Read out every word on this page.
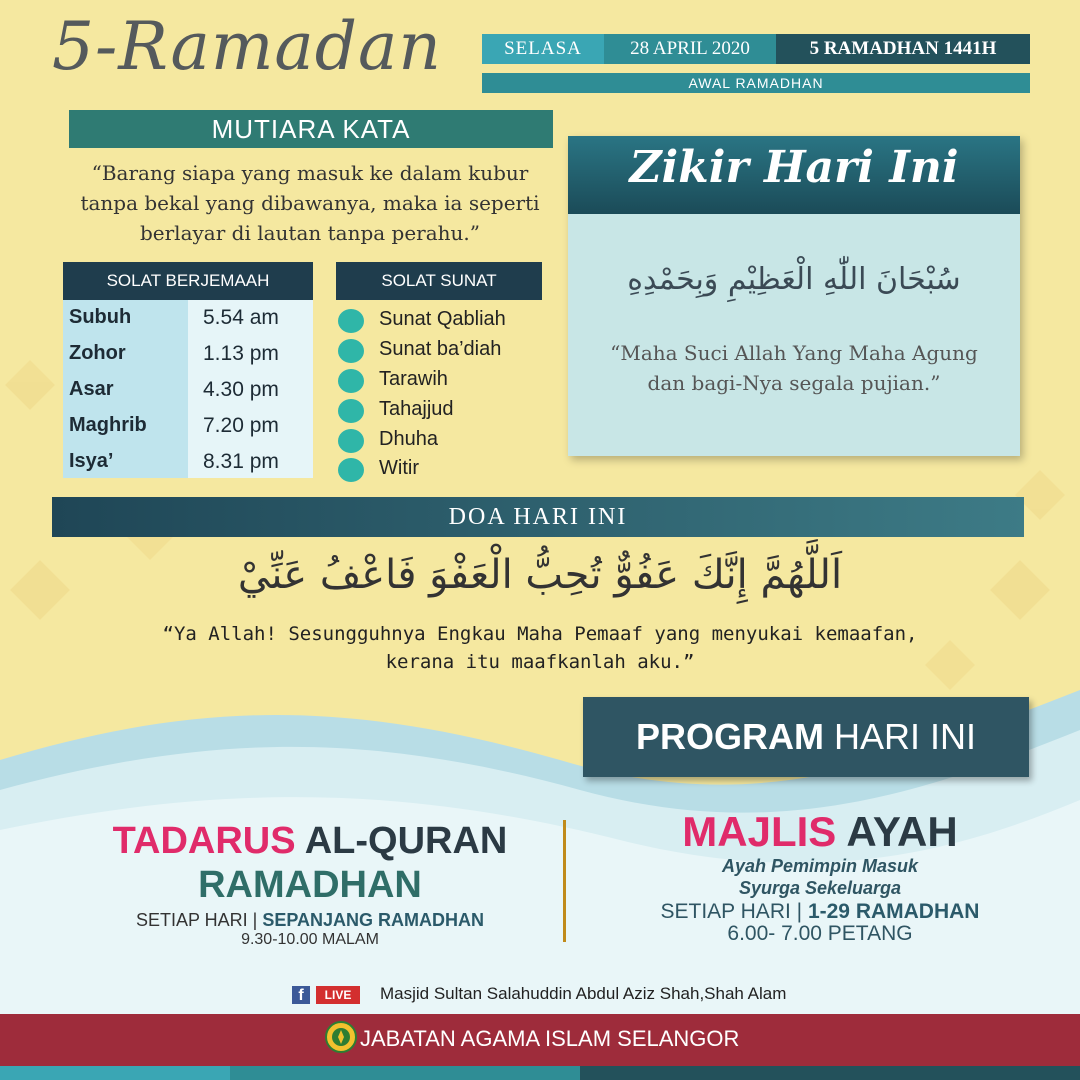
5-Ramadan	SELASA	28 APRIL 2020	5 RAMADHAN 1441H
AWAL RAMADHAN
MUTIARA KATA
“Barang siapa yang masuk ke dalam kubur
tanpa bekal yang dibawanya, maka ia seperti
berlayar di lautan tanpa perahu.”
SOLAT BERJEMAAH
Subuh	5.54 am
Zohor	1.13 pm
Asar	4.30 pm
Maghrib	7.20 pm
Isya’	8.31 pm
SOLAT SUNAT
Sunat Qabliah
Sunat ba’diah
Tarawih
Tahajjud
Dhuha
Witir
Zikir Hari Ini
سُبْحَانَ اللّٰهِ الْعَظِيْمِ وَبِحَمْدِهِ
“Maha Suci Allah Yang Maha Agung
dan bagi-Nya segala pujian.”
DOA HARI INI
اَللَّهُمَّ إِنَّكَ عَفُوٌّ تُحِبُّ الْعَفْوَ فَاعْفُ عَنِّيْ
“Ya Allah! Sesungguhnya Engkau Maha Pemaaf yang menyukai kemaafan,
kerana itu maafkanlah aku.”
PROGRAM HARI INI
TADARUS AL-QURAN
RAMADHAN
SETIAP HARI | SEPANJANG RAMADHAN
9.30-10.00 MALAM
MAJLIS AYAH
Ayah Pemimpin Masuk
Syurga Sekeluarga
SETIAP HARI | 1-29 RAMADHAN
6.00- 7.00 PETANG
f	LIVE	Masjid Sultan Salahuddin Abdul Aziz Shah,Shah Alam
JABATAN AGAMA ISLAM SELANGOR
